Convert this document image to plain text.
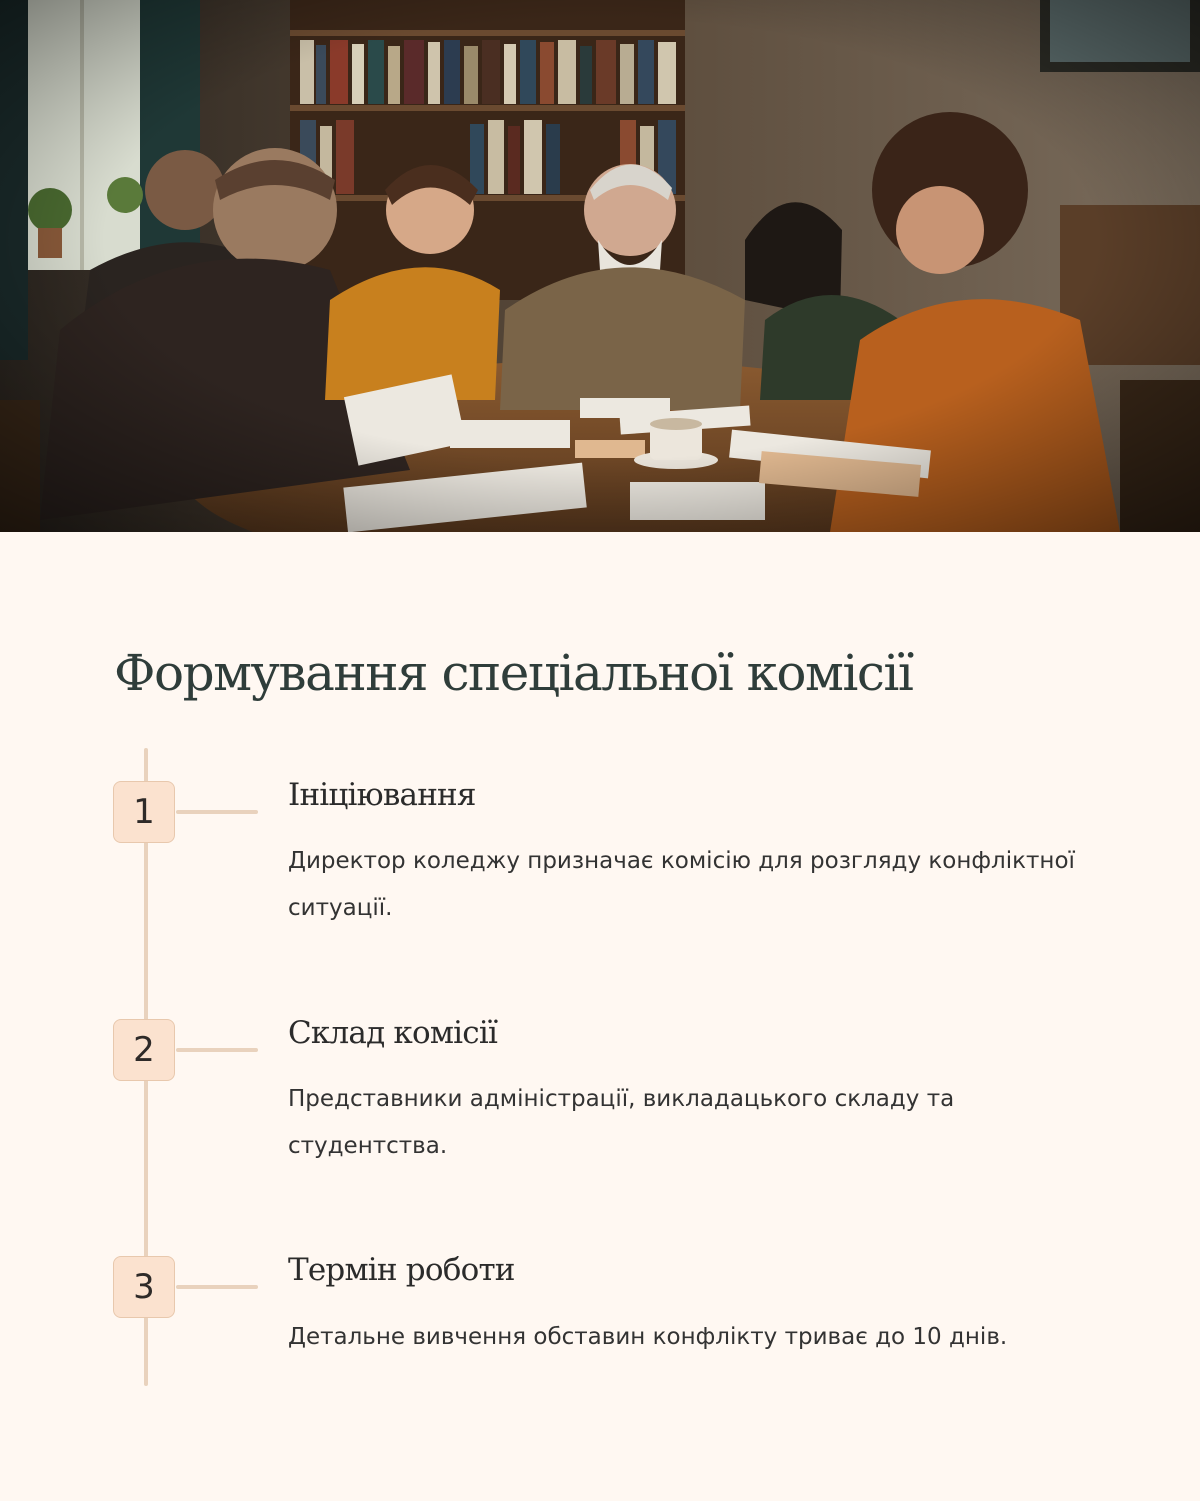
Формування спеціальної комісії
1	Ініціювання

Директор коледжу призначає комісію для розгляду конфліктної ситуації.

2	Склад комісії

Представники адміністрації, викладацького складу та студентства.

3	Термін роботи

Детальне вивчення обставин конфлікту триває до 10 днів.
